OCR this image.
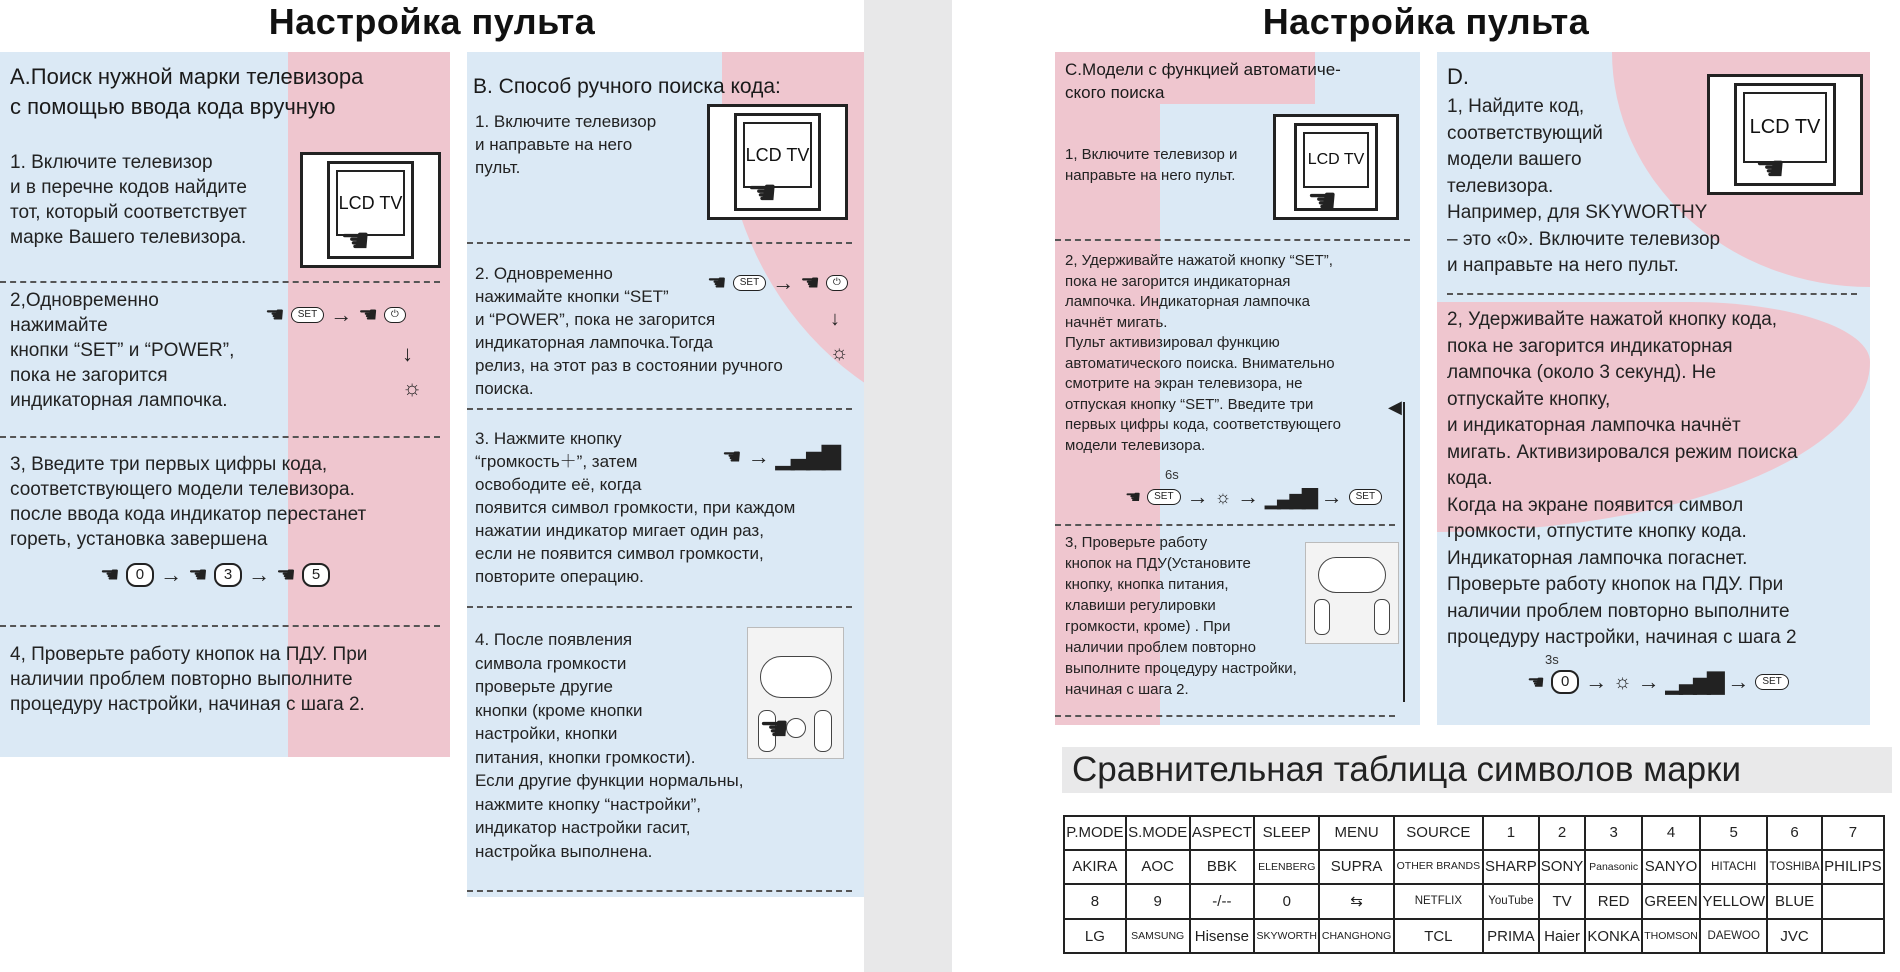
Настройка пульта
A.Поиск нужной марки телевизора
с помощью ввода кода вручную
1. Включите телевизор
и в перечне кодов найдите
тот, который соответствует
марке Вашего телевизора.
LCD TV
☚
2,Одновременно
нажимайте
кнопки “SET” и “POWER”,
пока не загорится
индикаторная лампочка.
☚	SET → ☚	⏻
↓
☼
3, Введите три первых цифры кода,
соответствующего модели телевизора.
после ввода кода индикатор перестанет
гореть, установка завершена
☚	0 → ☚	3 → ☚	5
4, Проверьте работу кнопок на ПДУ. При
наличии проблем повторно выполните
процедуру настройки, начиная с шага 2.
B. Способ ручного поиска кода:
1. Включите телевизор
и направьте на него
пульт.
LCD TV
☚
2. Одновременно
нажимайте кнопки “SET”
и “POWER”, пока не загорится
индикаторная лампочка.Тогда
релиз, на этот раз в состоянии ручного
поиска.
☚	SET → ☚	⏻
↓
☼
3. Нажмите кнопку
“громкость＋”, затем
освободите её, когда
появится символ громкости, при каждом
нажатии индикатор мигает один раз,
если не появится символ громкости,
повторите операцию.
☚ → ▁▃▅▇
4. После появления
символа громкости
проверьте другие
кнопки (кроме кнопки
настройки, кнопки
питания, кнопки громкости).
Если другие функции нормальны,
нажмите кнопку “настройки”,
индикатор настройки гасит,
настройка выполнена.
☚
Настройка пульта
C.Модели с функцией автоматиче-
ского поиска
1, Включите телевизор и
направьте на него пульт.
LCD TV
☚
2, Удерживайте нажатой кнопку “SET”,
пока не загорится индикаторная
лампочка. Индикаторная лампочка
начнёт мигать.
Пульт активизировал функцию
автоматического поиска. Внимательно
смотрите на экран телевизора, не
отпуская кнопку “SET”. Введите три
первых цифры кода, соответствующего
модели телевизора.
6s
☚	SET → ☼ → ▁▃▅▇ →	SET
◀
3, Проверьте работу
кнопок на ПДУ(Установите
кнопку, кнопка питания,
клавиши регулировки
громкости, кроме) . При
наличии проблем повторно
выполните процедуру настройки,
начиная с шага 2.
D.
1, Найдите код,
соответствующий
модели вашего
телевизора.
Например, для SKYWORTHY
– это «0». Включите телевизор
и направьте на него пульт.
LCD TV
☚
2, Удерживайте нажатой кнопку кода,
пока не загорится индикаторная
лампочка (около 3 секунд). Не
отпускайте кнопку,
и индикаторная лампочка начнёт
мигать. Активизировался режим поиска
кода.
Когда на экране появится символ
громкости, отпустите кнопку кода.
Индикаторная лампочка погаснет.
Проверьте работу кнопок на ПДУ. При
наличии проблем повторно выполните
процедуру настройки, начиная с шага 2
3s
☚	0 → ☼ → ▁▃▅▇ →	SET
Сравнительная таблица символов марки
P.MODE	S.MODE	ASPECT	SLEEP	MENU	SOURCE	1	2	3	4	5	6	7
AKIRA	AOC	BBK	ELENBERG	SUPRA	OTHER BRANDS	SHARP	SONY	Panasonic	SANYO	HITACHI	TOSHIBA	PHILIPS
8	9	-/--	0	⇆	NETFLIX	YouTube	TV	RED	GREEN	YELLOW	BLUE	
LG	SAMSUNG	Hisense	SKYWORTH	CHANGHONG	TCL	PRIMA	Haier	KONKA	THOMSON	DAEWOO	JVC	
